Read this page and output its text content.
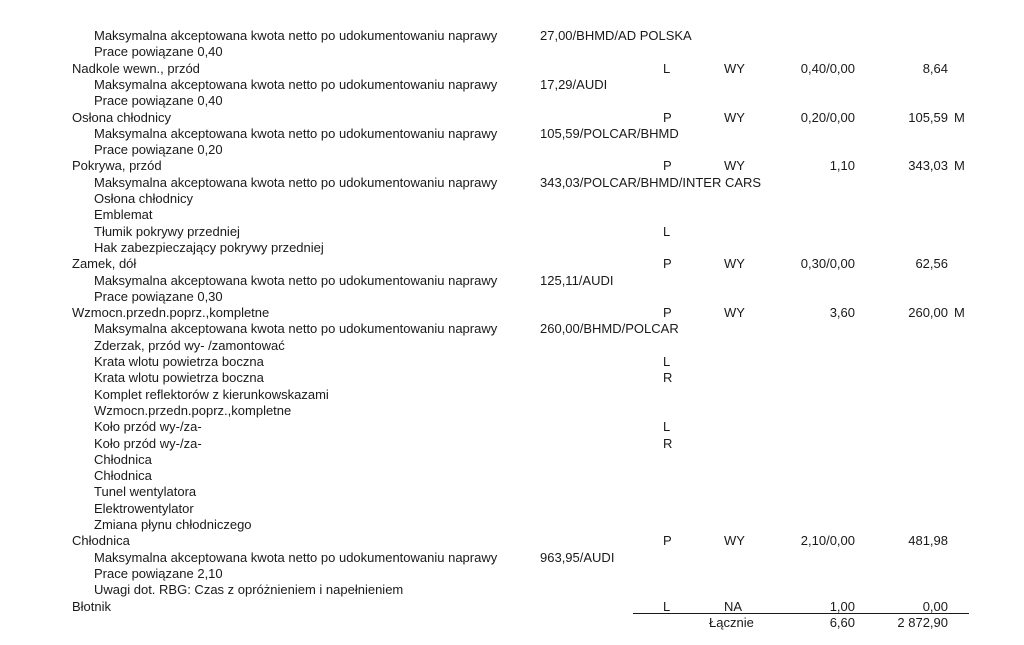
Maksymalna akceptowana kwota netto po udokumentowaniu naprawy	27,00/BHMD/AD POLSKA
Prace powiązane 0,40
Nadkole wewn., przód	L	WY	0,40/0,00	8,64
Maksymalna akceptowana kwota netto po udokumentowaniu naprawy	17,29/AUDI
Prace powiązane 0,40
Osłona chłodnicy	P	WY	0,20/0,00	105,59 M
Maksymalna akceptowana kwota netto po udokumentowaniu naprawy	105,59/POLCAR/BHMD
Prace powiązane 0,20
Pokrywa, przód	P	WY	1,10	343,03 M
Maksymalna akceptowana kwota netto po udokumentowaniu naprawy	343,03/POLCAR/BHMD/INTER CARS
Osłona chłodnicy
Emblemat
Tłumik pokrywy przedniej	L
Hak zabezpieczający pokrywy przedniej
Zamek, dół	P	WY	0,30/0,00	62,56
Maksymalna akceptowana kwota netto po udokumentowaniu naprawy	125,11/AUDI
Prace powiązane 0,30
Wzmocn.przedn.poprz.,kompletne	P	WY	3,60	260,00 M
Maksymalna akceptowana kwota netto po udokumentowaniu naprawy	260,00/BHMD/POLCAR
Zderzak, przód wy- /zamontować
Krata wlotu powietrza boczna	L
Krata wlotu powietrza boczna	R
Komplet reflektorów z kierunkowskazami
Wzmocn.przedn.poprz.,kompletne
Koło przód wy-/za-	L
Koło przód wy-/za-	R
Chłodnica
Chłodnica
Tunel wentylatora
Elektrowentylator
Zmiana płynu chłodniczego
Chłodnica	P	WY	2,10/0,00	481,98
Maksymalna akceptowana kwota netto po udokumentowaniu naprawy	963,95/AUDI
Prace powiązane 2,10
Uwagi dot. RBG: Czas z opróżnieniem i napełnieniem
Błotnik	L	NA	1,00	0,00
Łącznie	6,60	2 872,90
